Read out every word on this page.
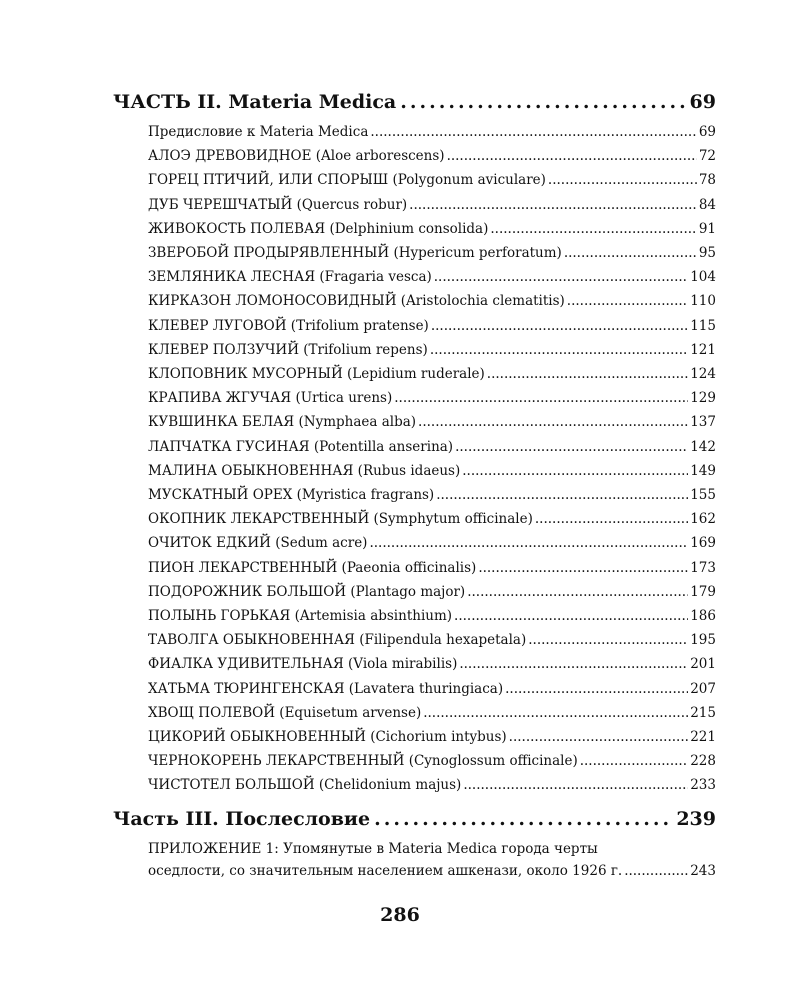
ЧАСТЬ II. Materia Medica .....	69
Предисловие к Materia Medica .....	69
АЛОЭ ДРЕВОВИДНОЕ (Aloe arborescens) .....	72
ГОРЕЦ ПТИЧИЙ, ИЛИ СПОРЫШ (Polygonum aviculare) .....	78
ДУБ ЧЕРЕШЧАТЫЙ (Quercus robur) .....	84
ЖИВОКОСТЬ ПОЛЕВАЯ (Delphinium consolida) .....	91
ЗВЕРОБОЙ ПРОДЫРЯВЛЕННЫЙ (Hypericum perforatum) .....	95
ЗЕМЛЯНИКА ЛЕСНАЯ (Fragaria vesca) .....	104
КИРКАЗОН ЛОМОНОСОВИДНЫЙ (Aristolochia clematitis) .....	110
КЛЕВЕР ЛУГОВОЙ (Trifolium pratense) .....	115
КЛЕВЕР ПОЛЗУЧИЙ (Trifolium repens) .....	121
КЛОПОВНИК МУСОРНЫЙ (Lepidium ruderale) .....	124
КРАПИВА ЖГУЧАЯ (Urtica urens) .....	129
КУВШИНКА БЕЛАЯ (Nymphaea alba) .....	137
ЛАПЧАТКА ГУСИНАЯ (Potentilla anserina) .....	142
МАЛИНА ОБЫКНОВЕННАЯ (Rubus idaeus) .....	149
МУСКАТНЫЙ ОРЕХ (Myristica fragrans) .....	155
ОКОПНИК ЛЕКАРСТВЕННЫЙ (Symphytum officinale) .....	162
ОЧИТОК ЕДКИЙ (Sedum acre) .....	169
ПИОН ЛЕКАРСТВЕННЫЙ (Paeonia officinalis) .....	173
ПОДОРОЖНИК БОЛЬШОЙ (Plantago major) .....	179
ПОЛЫНЬ ГОРЬКАЯ (Artemisia absinthium) .....	186
ТАВОЛГА ОБЫКНОВЕННАЯ (Filipendula hexapetala) .....	195
ФИАЛКА УДИВИТЕЛЬНАЯ (Viola mirabilis) .....	201
ХАТЬМА ТЮРИНГЕНСКАЯ (Lavatera thuringiaca) .....	207
ХВОЩ ПОЛЕВОЙ (Equisetum arvense) .....	215
ЦИКОРИЙ ОБЫКНОВЕННЫЙ (Cichorium intybus) .....	221
ЧЕРНОКОРЕНЬ ЛЕКАРСТВЕННЫЙ (Cynoglossum officinale) .....	228
ЧИСТОТЕЛ БОЛЬШОЙ (Chelidonium majus) .....	233
Часть III. Послесловие .....	239
ПРИЛОЖЕНИЕ 1: Упомянутые в Materia Medica города черты
оседлости, со значительным населением ашкенази, около 1926 г. .....	243
286
